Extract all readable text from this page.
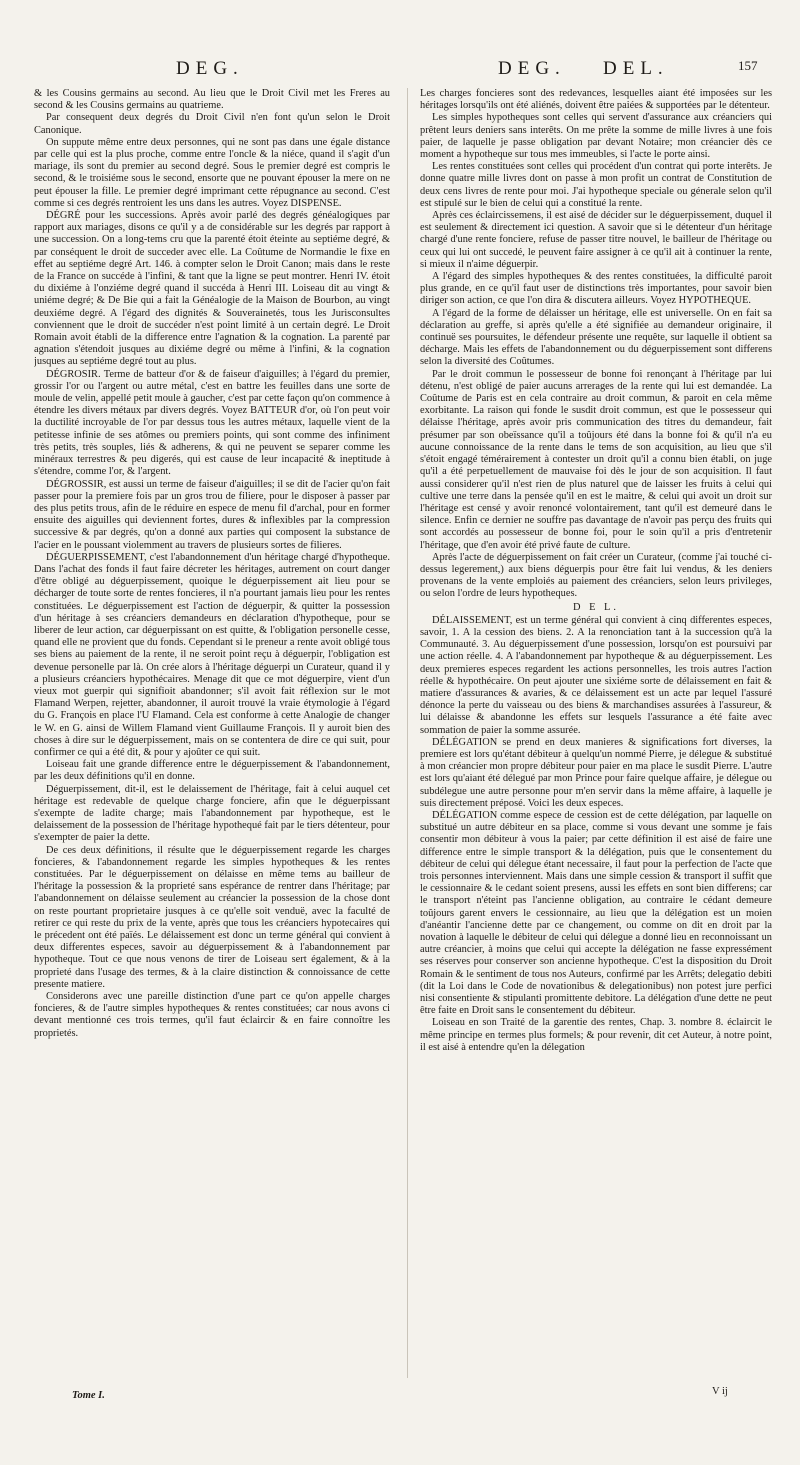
DEG.	DEG. DEL.	157

& les Cousins germains au second. Au lieu que le Droit Civil met les Freres au second & les Cousins germains au quatrieme.

Par consequent deux degrés du Droit Civil n'en font qu'un selon le Droit Canonique.

On suppute même entre deux personnes, qui ne sont pas dans une égale distance par celle qui est la plus proche, comme entre l'oncle & la niéce, quand il s'agit d'un mariage, ils sont du premier au second degré. Sous le premier degré est compris le second, & le troisiéme sous le second, ensorte que ne pouvant épouser la mere on ne peut épouser la fille. Le premier degré imprimant cette répugnance au second. C'est comme si ces degrés rentroient les uns dans les autres. Voyez DISPENSE.

DÉGRÉ pour les successions. Après avoir parlé des degrés généalogiques par rapport aux mariages, disons ce qu'il y a de considérable sur les degrés par rapport à une succession. On a long-tems cru que la parenté étoit éteinte au septiéme degré, & par conséquent le droit de succeder avec elle. La Coûtume de Normandie le fixe en effet au septiéme degré Art. 146. à compter selon le Droit Canon; mais dans le reste de la France on succéde à l'infini, & tant que la ligne se peut montrer. Henri IV. étoit du dixiéme à l'onziéme degré quand il succéda à Henri III. Loiseau dit au vingt & uniéme degré; & De Bie qui a fait la Généalogie de la Maison de Bourbon, au vingt deuxiéme degré. A l'égard des dignités & Souverainetés, tous les Jurisconsultes conviennent que le droit de succéder n'est point limité à un certain degré. Le Droit Romain avoit établi de la difference entre l'agnation & la cognation. La parenté par agnation s'étendoit jusques au dixiéme degré ou même à l'infini, & la cognation jusques au septiéme degré tout au plus.

DÉGROSIR. Terme de batteur d'or & de faiseur d'aiguilles; à l'égard du premier, grossir l'or ou l'argent ou autre métal, c'est en battre les feuilles dans une sorte de moule de velin, appellé petit moule à gaucher, c'est par cette façon qu'on commence à étendre les divers métaux par divers degrés. Voyez BATTEUR d'or, où l'on peut voir la ductilité incroyable de l'or par dessus tous les autres métaux, laquelle vient de la petitesse infinie de ses atômes ou premiers points, qui sont comme des infiniment très petits, très souples, liés & adherens, & qui ne peuvent se separer comme les minéraux terrestres & peu digerés, qui est cause de leur incapacité & ineptitude à s'étendre, comme l'or, & l'argent.

DÉGROSSIR, est aussi un terme de faiseur d'aiguilles; il se dit de l'acier qu'on fait passer pour la premiere fois par un gros trou de filiere, pour le disposer à passer par des plus petits trous, afin de le réduire en espece de menu fil d'archal, pour en former ensuite des aiguilles qui deviennent fortes, dures & inflexibles par la compression successive & par degrés, qu'on a donné aux parties qui composent la substance de l'acier en le poussant violemment au travers de plusieurs sortes de filieres.

DÉGUERPISSEMENT, c'est l'abandonnement d'un héritage chargé d'hypotheque. Dans l'achat des fonds il faut faire décreter les héritages, autrement on court danger d'être obligé au déguerpissement, quoique le déguerpissement ait lieu pour se décharger de toute sorte de rentes foncieres, il n'a pourtant jamais lieu pour les rentes constituées. Le déguerpissement est l'action de déguerpir, & quitter la possession d'un héritage à ses créanciers demandeurs en déclaration d'hypotheque, pour se liberer de leur action, car déguerpissant on est quitte, & l'obligation personelle cesse, quand elle ne provient que du fonds. Cependant si le preneur a rente avoit obligé tous ses biens au paiement de la rente, il ne seroit point reçu à déguerpir, l'obligation est devenue personelle par là. On crée alors à l'héritage déguerpi un Curateur, quand il y a plusieurs créanciers hypothécaires. Menage dit que ce mot déguerpire, vient d'un vieux mot guerpir qui signifioit abandonner; s'il avoit fait réflexion sur le mot Flamand Werpen, rejetter, abandonner, il auroit trouvé la vraie étymologie à l'égard du G. François en place l'U Flamand. Cela est conforme à cette Analogie de changer le W. en G. ainsi de Willem Flamand vient Guillaume François. Il y auroit bien des choses à dire sur le déguerpissement, mais on se contentera de dire ce qui suit, pour confirmer ce qui a été dit, & pour y ajoûter ce qui suit.

Loiseau fait une grande difference entre le déguerpissement & l'abandonnement, par les deux définitions qu'il en donne.

Déguerpissement, dit-il, est le delaissement de l'héritage, fait à celui auquel cet héritage est redevable de quelque charge fonciere, afin que le déguerpissant s'exempte de ladite charge; mais l'abandonnement par hypotheque, est le delaissement de la possession de l'héritage hypothequé fait par le tiers détenteur, pour s'exempter de paier la dette.

De ces deux définitions, il résulte que le déguerpissement regarde les charges foncieres, & l'abandonnement regarde les simples hypotheques & les rentes constituées. Par le déguerpissement on délaisse en même tems au bailleur de l'héritage la possession & la proprieté sans espérance de rentrer dans l'héritage; par l'abandonnement on délaisse seulement au créancier la possession de la chose dont on reste pourtant proprietaire jusques à ce qu'elle soit venduë, avec la faculté de retirer ce qui reste du prix de la vente, après que tous les créanciers hypotecaires qui le précedent ont été païés. Le délaissement est donc un terme général qui convient à deux differentes especes, savoir au déguerpissement & à l'abandonnement par hypotheque. Tout ce que nous venons de tirer de Loiseau sert également, & à la proprieté dans l'usage des termes, & à la claire distinction & connoissance de cette presente matiere.

Considerons avec une pareille distinction d'une part ce qu'on appelle charges foncieres, & de l'autre simples hypotheques & rentes constituées; car nous avons ci devant mentionné ces trois termes, qu'il faut éclaircir & en faire connoître les proprietés.

Les charges foncieres sont des redevances, lesquelles aiant été imposées sur les héritages lorsqu'ils ont été aliénés, doivent être paiées & supportées par le détenteur.

Les simples hypotheques sont celles qui servent d'assurance aux créanciers qui prêtent leurs deniers sans interêts. On me prête la somme de mille livres à une fois paier, de laquelle je passe obligation par devant Notaire; mon créancier dès ce moment a hypotheque sur tous mes immeubles, si l'acte le porte ainsi.

Les rentes constituées sont celles qui procédent d'un contrat qui porte interêts. Je donne quatre mille livres dont on passe à mon profit un contrat de Constitution de deux cens livres de rente pour moi. J'ai hypotheque speciale ou génerale selon qu'il est stipulé sur le bien de celui qui a constitué la rente.

Après ces éclaircissemens, il est aisé de décider sur le déguerpissement, duquel il est seulement & directement ici question. A savoir que si le détenteur d'un héritage chargé d'une rente fonciere, refuse de passer titre nouvel, le bailleur de l'héritage ou ceux qui lui ont succedé, le peuvent faire assigner à ce qu'il ait à continuer la rente, si mieux il n'aime déguerpir.

A l'égard des simples hypotheques & des rentes constituées, la difficulté paroit plus grande, en ce qu'il faut user de distinctions très importantes, pour savoir bien diriger son action, ce que l'on dira & discutera ailleurs. Voyez HYPOTHEQUE.

A l'égard de la forme de délaisser un héritage, elle est universelle. On en fait sa déclaration au greffe, si après qu'elle a été signifiée au demandeur originaire, il continuë ses poursuites, le défendeur présente une requête, sur laquelle il obtient sa décharge. Mais les effets de l'abandonnement ou du déguerpissement sont differens selon la diversité des Coûtumes.

Par le droit commun le possesseur de bonne foi renonçant à l'héritage par lui détenu, n'est obligé de paier aucuns arrerages de la rente qui lui est demandée. La Coûtume de Paris est en cela contraire au droit commun, & paroit en cela même exorbitante. La raison qui fonde le susdit droit commun, est que le possesseur qui délaisse l'héritage, après avoir pris communication des titres du demandeur, fait présumer par son obeïssance qu'il a toûjours été dans la bonne foi & qu'il n'a eu aucune connoissance de la rente dans le tems de son acquisition, au lieu que s'il s'étoit engagé témérairement à contester un droit qu'il a connu bien établi, on juge qu'il a été perpetuellement de mauvaise foi dès le jour de son acquisition. Il faut aussi considerer qu'il n'est rien de plus naturel que de laisser les fruits à celui qui cultive une terre dans la pensée qu'il en est le maitre, & celui qui avoit un droit sur l'héritage est censé y avoir renoncé volontairement, tant qu'il est demeuré dans le silence. Enfin ce dernier ne souffre pas davantage de n'avoir pas perçu des fruits qui sont accordés au possesseur de bonne foi, pour le soin qu'il a pris d'entretenir l'héritage, que d'en avoir été privé faute de culture.

Après l'acte de déguerpissement on fait créer un Curateur, (comme j'ai touché ci-dessus legerement,) aux biens déguerpis pour être fait lui vendus, & les deniers provenans de la vente emploiés au paiement des créanciers, selon leurs privileges, ou selon l'ordre de leurs hypotheques.

D E L.

DÉLAISSEMENT, est un terme général qui convient à cinq differentes especes, savoir, 1. A la cession des biens. 2. A la renonciation tant à la succession qu'à la Communauté. 3. Au déguerpissement d'une possession, lorsqu'on est poursuivi par une action réelle. 4. A l'abandonnement par hypotheque & au déguerpissement. Les deux premieres especes regardent les actions personnelles, les trois autres l'action réelle & hypothécaire. On peut ajouter une sixiéme sorte de délaissement en fait & matiere d'assurances & avaries, & ce délaissement est un acte par lequel l'assuré dénonce la perte du vaisseau ou des biens & marchandises assurées à l'assureur, & lui délaisse & abandonne les effets sur lesquels l'assurance a été faite avec sommation de paier la somme assurée.

DÉLÉGATION se prend en deux manieres & significations fort diverses, la premiere est lors qu'étant débiteur à quelqu'un nommé Pierre, je délegue & substitué à mon créancier mon propre débiteur pour paier en ma place le susdit Pierre. L'autre est lors qu'aiant été délegué par mon Prince pour faire quelque affaire, je délegue ou subdélegue une autre personne pour m'en servir dans la même affaire, à laquelle je suis directement préposé. Voici les deux especes.

DÉLÉGATION comme espece de cession est de cette délégation, par laquelle on substitué un autre débiteur en sa place, comme si vous devant une somme je fais consentir mon débiteur à vous la paier; par cette définition il est aisé de faire une difference entre le simple transport & la délégation, puis que le consentement du débiteur de celui qui délegue étant necessaire, il faut pour la perfection de l'acte que trois personnes interviennent. Mais dans une simple cession & transport il suffit que le cessionnaire & le cedant soient presens, aussi les effets en sont bien differens; car le transport n'éteint pas l'ancienne obligation, au contraire le cédant demeure toûjours garent envers le cessionnaire, au lieu que la délégation est un moien d'anéantir l'ancienne dette par ce changement, ou comme on dit en droit par la novation à laquelle le débiteur de celui qui délegue a donné lieu en reconnoissant un autre créancier, à moins que celui qui accepte la délégation ne fasse expressément ses réserves pour conserver son ancienne hypotheque. C'est la disposition du Droit Romain & le sentiment de tous nos Auteurs, confirmé par les Arrêts; delegatio debiti (dit la Loi dans le Code de novationibus & delegationibus) non potest jure perfici nisi consentiente & stipulanti promittente debitore. La délégation d'une dette ne peut être faite en Droit sans le consentement du débiteur.

Loiseau en son Traité de la garentie des rentes, Chap. 3. nombre 8. éclaircit le même principe en termes plus formels; & pour revenir, dit cet Auteur, à notre point, il est aisé à entendre qu'en la délegation

Tome I.	V ij
